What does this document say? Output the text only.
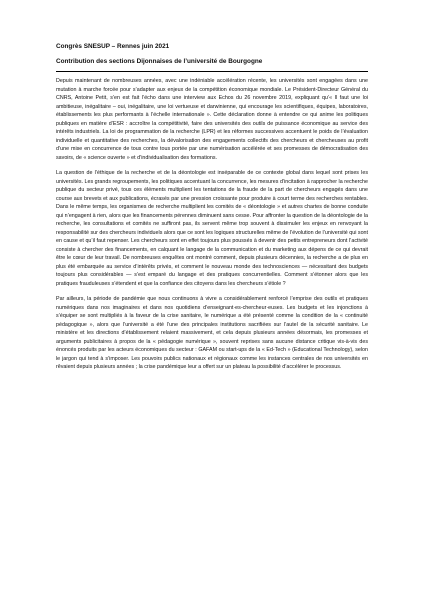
Congrès SNESUP – Rennes juin 2021

Contribution des sections Dijonnaises de l’université de Bourgogne

Depuis maintenant de nombreuses années, avec une indéniable accélération récente, les universités sont engagées dans une mutation à marche forcée pour s’adapter aux enjeux de la compétition économique mondiale. Le Président-Directeur Général du CNRS, Antoine Petit, s’en est fait l’écho dans une interview aux Echos du 26 novembre 2019, expliquant qu’« Il faut une loi ambitieuse, inégalitaire – oui, inégalitaire, une loi vertueuse et darwinienne, qui encourage les scientifiques, équipes, laboratoires, établissements les plus performants à l’échelle internationale ». Cette déclaration donne à entendre ce qui anime les politiques publiques en matière d’ESR : accroître la compétitivité, faire des universités des outils de puissance économique au service des intérêts industriels. La loi de programmation de la recherche (LPR) et les réformes successives accentuent le poids de l’évaluation individuelle et quantitative des recherches, la dévalorisation des engagements collectifs des chercheurs et chercheuses au profit d’une mise en concurrence de tous contre tous portée par une numérisation accélérée et ses promesses de démocratisation des savoirs, de « science ouverte » et d’individualisation des formations.

La question de l’éthique de la recherche et de la déontologie est inséparable de ce contexte global dans lequel sont prises les universités. Les grands regroupements, les politiques accentuant la concurrence, les mesures d’incitation à rapprocher la recherche publique du secteur privé, tous ces éléments multiplient les tentations de la fraude de la part de chercheurs engagés dans une course aux brevets et aux publications, écrasés par une pression croissante pour produire à court terme des recherches rentables. Dans le même temps, les organismes de recherche multiplient les comités de « déontologie » et autres chartes de bonne conduite qui n’engagent à rien, alors que les financements pérennes diminuent sans cesse. Pour affronter la question de la déontologie de la recherche, les consultations et comités ne suffiront pas, ils servent même trop souvent à dissimuler les enjeux en renvoyant la responsabilité sur des chercheurs individuels alors que ce sont les logiques structurelles même de l’évolution de l’université qui sont en cause et qu’il faut repenser. Les chercheurs sont en effet toujours plus poussés à devenir des petits entrepreneurs dont l’activité consiste à chercher des financements, en calquant le langage de la communication et du marketing aux dépens de ce qui devrait être le cœur de leur travail. De nombreuses enquêtes ont montré comment, depuis plusieurs décennies, la recherche a de plus en plus été embarquée au service d’intérêts privés, et comment le nouveau monde des technosciences — nécessitant des budgets toujours plus considérables — s’est emparé du langage et des pratiques concurrentielles. Comment s’étonner alors que les pratiques frauduleuses s’étendent et que la confiance des citoyens dans les chercheurs s’étiole ?

Par ailleurs, la période de pandémie que nous continuons à vivre a considérablement renforcé l’emprise des outils et pratiques numériques dans nos imaginaires et dans nos quotidiens d’enseignant·es-chercheur·euses. Les budgets et les injonctions à s’équiper se sont multipliés à la faveur de la crise sanitaire, le numérique a été présenté comme la condition de la « continuité pédagogique », alors que l’université a été l’une des principales institutions sacrifiées sur l’autel de la sécurité sanitaire. Le ministère et les directions d’établissement relaient massivement, et cela depuis plusieurs années désormais, les promesses et arguments publicitaires à propos de la « pédagogie numérique », souvent reprises sans aucune distance critique vis-à-vis des énoncés produits par les acteurs économiques du secteur : GAFAM ou start-ups de la « Ed-Tech » (Educational Technology), selon le jargon qui tend à s’imposer. Les pouvoirs publics nationaux et régionaux comme les instances centrales de nos universités en rêvaient depuis plusieurs années ; la crise pandémique leur a offert sur un plateau la possibilité d’accélérer le processus.
